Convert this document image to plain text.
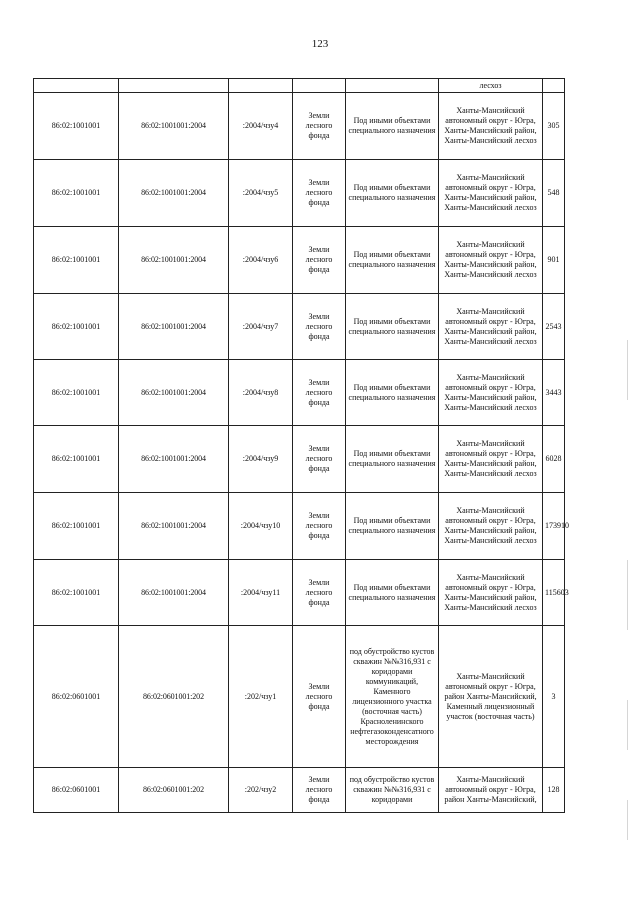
123
					лесхоз	
86:02:1001001	86:02:1001001:2004	:2004/чзу4	Земли лесного фонда	Под иными объектами специального назначения	Ханты-Мансийский автономный округ - Югра, Ханты-Мансийский район, Ханты-Мансийский лесхоз	305
86:02:1001001	86:02:1001001:2004	:2004/чзу5	Земли лесного фонда	Под иными объектами специального назначения	Ханты-Мансийский автономный округ - Югра, Ханты-Мансийский район, Ханты-Мансийский лесхоз	548
86:02:1001001	86:02:1001001:2004	:2004/чзу6	Земли лесного фонда	Под иными объектами специального назначения	Ханты-Мансийский автономный округ - Югра, Ханты-Мансийский район, Ханты-Мансийский лесхоз	901
86:02:1001001	86:02:1001001:2004	:2004/чзу7	Земли лесного фонда	Под иными объектами специального назначения	Ханты-Мансийский автономный округ - Югра, Ханты-Мансийский район, Ханты-Мансийский лесхоз	2543
86:02:1001001	86:02:1001001:2004	:2004/чзу8	Земли лесного фонда	Под иными объектами специального назначения	Ханты-Мансийский автономный округ - Югра, Ханты-Мансийский район, Ханты-Мансийский лесхоз	3443
86:02:1001001	86:02:1001001:2004	:2004/чзу9	Земли лесного фонда	Под иными объектами специального назначения	Ханты-Мансийский автономный округ - Югра, Ханты-Мансийский район, Ханты-Мансийский лесхоз	6028
86:02:1001001	86:02:1001001:2004	:2004/чзу10	Земли лесного фонда	Под иными объектами специального назначения	Ханты-Мансийский автономный округ - Югра, Ханты-Мансийский район, Ханты-Мансийский лесхоз	173910
86:02:1001001	86:02:1001001:2004	:2004/чзу11	Земли лесного фонда	Под иными объектами специального назначения	Ханты-Мансийский автономный округ - Югра, Ханты-Мансийский район, Ханты-Мансийский лесхоз	115603
86:02:0601001	86:02:0601001:202	:202/чзу1	Земли лесного фонда	под обустройство кустов скважин №№316,931 с коридорами коммуникаций, Каменного лицензионного участка (восточная часть) Красноленинского нефтегазоконденсатного месторождения	Ханты-Мансийский автономный округ - Югра, район Ханты-Мансийский, Каменный лицензионный участок (восточная часть)	3
86:02:0601001	86:02:0601001:202	:202/чзу2	Земли лесного фонда	под обустройство кустов скважин №№316,931 с коридорами	Ханты-Мансийский автономный округ - Югра, район Ханты-Мансийский,	128
